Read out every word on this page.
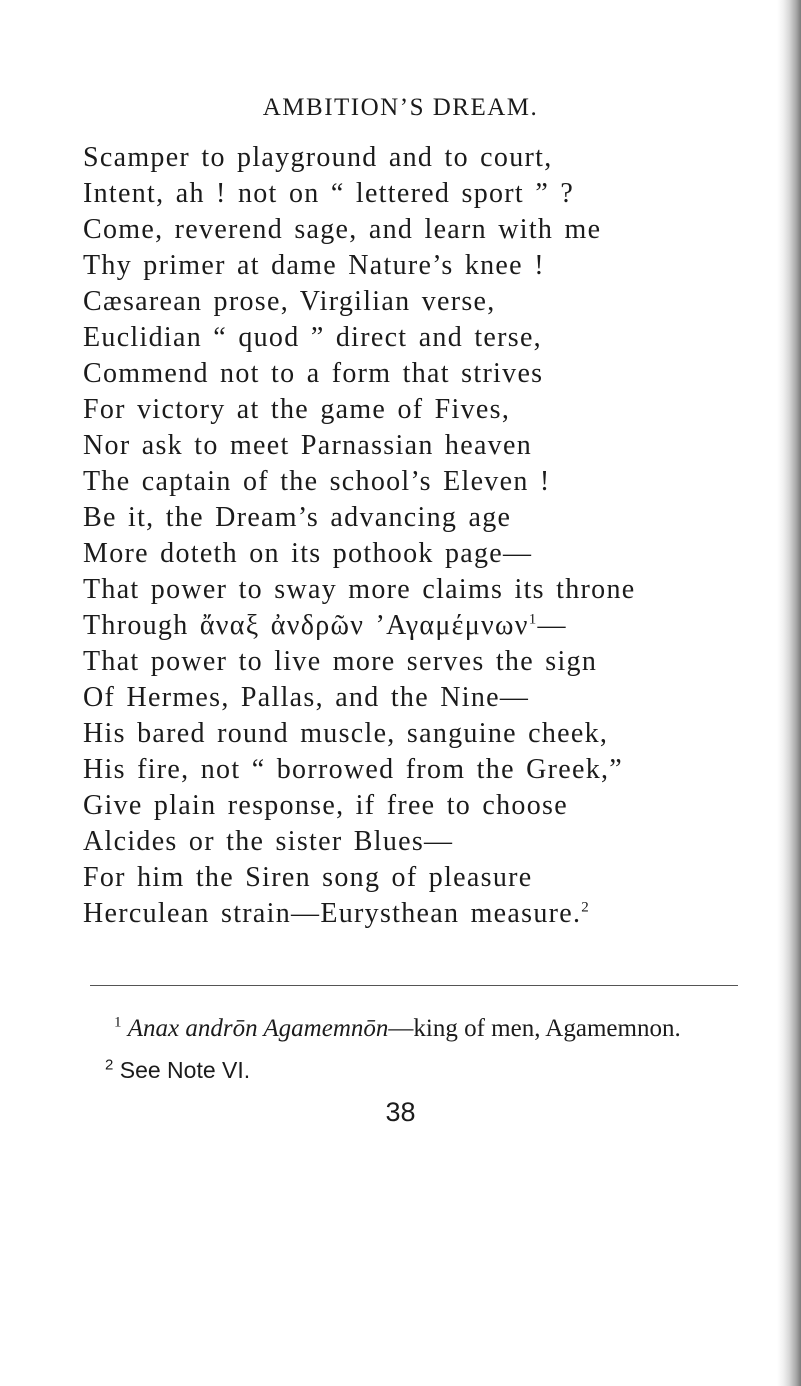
AMBITION’S DREAM.
Scamper to playground and to court,
Intent, ah ! not on “ lettered sport ” ?
Come, reverend sage, and learn with me
Thy primer at dame Nature’s knee !
Cæsarean prose, Virgilian verse,
Euclidian “ quod ” direct and terse,
Commend not to a form that strives
For victory at the game of Fives,
Nor ask to meet Parnassian heaven
The captain of the school’s Eleven !
Be it, the Dream’s advancing age
More doteth on its pothook page—
That power to sway more claims its throne
Through ἄναξ ἀνδρῶν ’Αγαμέμνων$^1$—
That power to live more serves the sign
Of Hermes, Pallas, and the Nine—
His bared round muscle, sanguine cheek,
His fire, not “ borrowed from the Greek,”
Give plain response, if free to choose
Alcides or the sister Blues—
For him the Siren song of pleasure
Herculean strain—Eurysthean measure.$^2$
$^1$ Anax andrōn Agamemnōn—king of men, Agamemnon.
$^2$ See Note VI.
38
